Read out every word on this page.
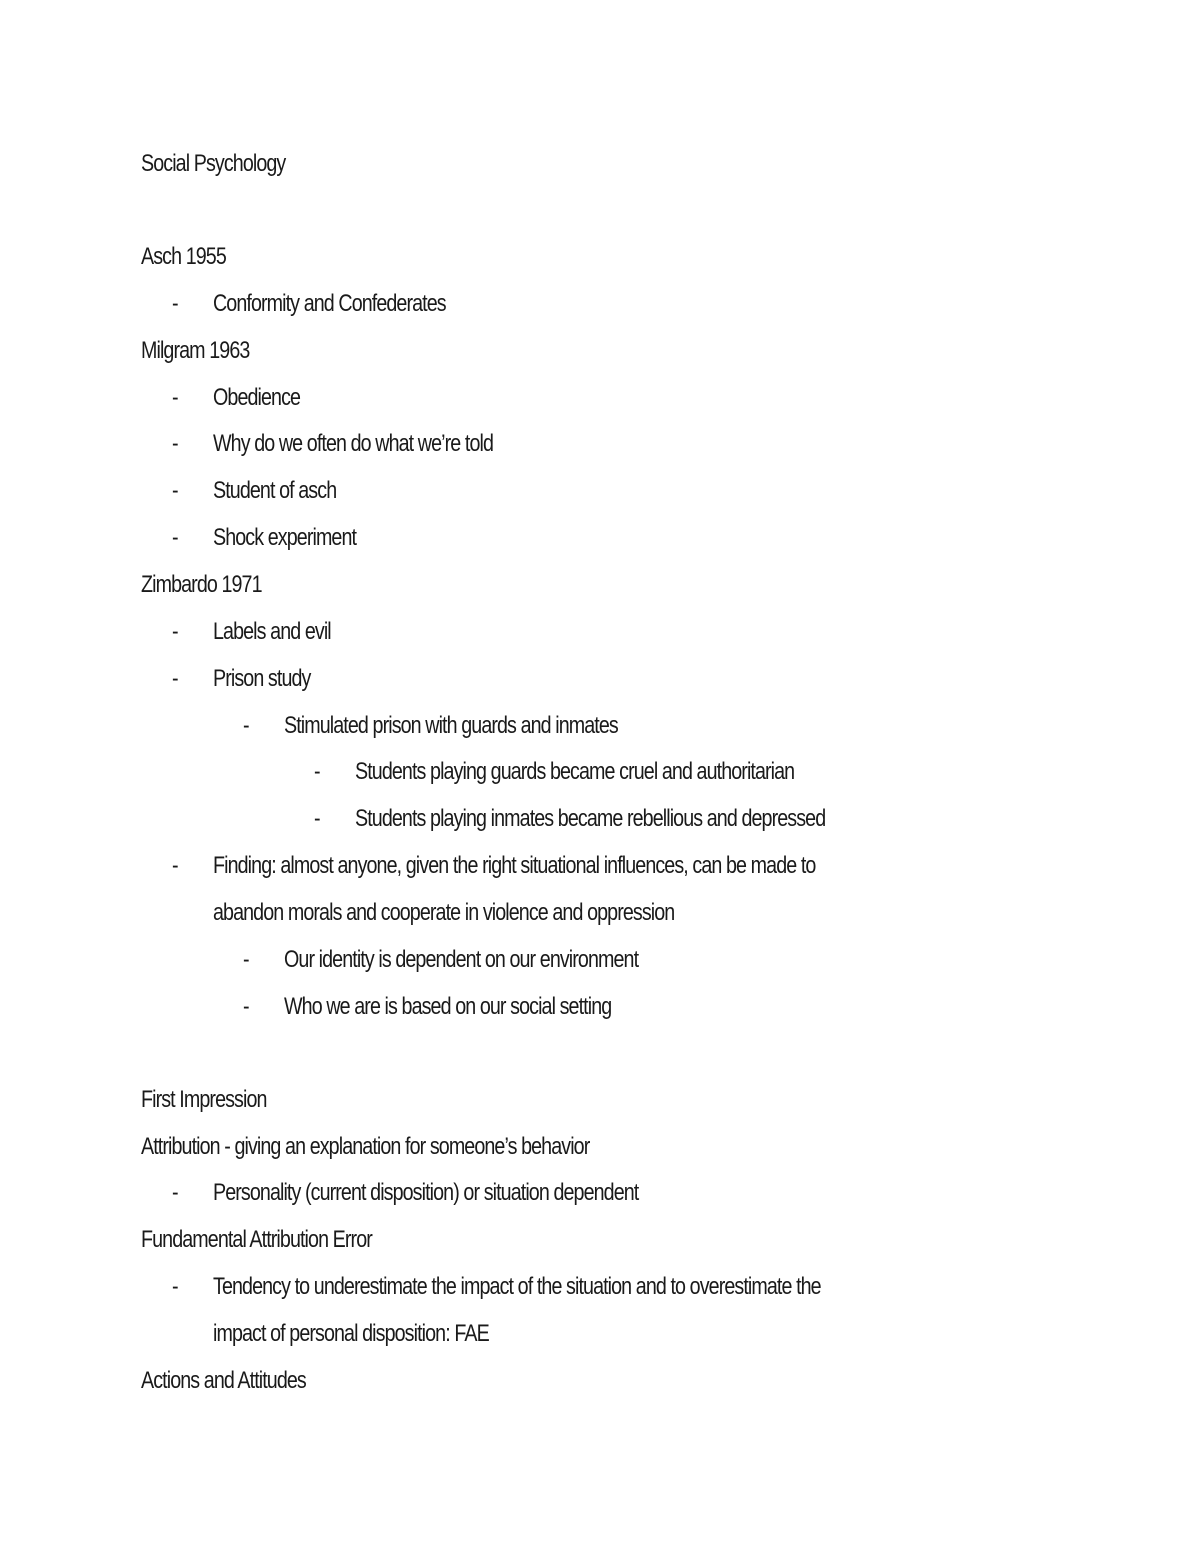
Social Psychology
Asch 1955
- Conformity and Confederates
Milgram 1963
- Obedience
- Why do we often do what we’re told
- Student of asch
- Shock experiment
Zimbardo 1971
- Labels and evil
- Prison study
- Stimulated prison with guards and inmates
- Students playing guards became cruel and authoritarian
- Students playing inmates became rebellious and depressed
- Finding: almost anyone, given the right situational influences, can be made to
abandon morals and cooperate in violence and oppression
- Our identity is dependent on our environment
- Who we are is based on our social setting
First Impression
Attribution - giving an explanation for someone’s behavior
- Personality (current disposition) or situation dependent
Fundamental Attribution Error
- Tendency to underestimate the impact of the situation and to overestimate the
impact of personal disposition: FAE
Actions and Attitudes
